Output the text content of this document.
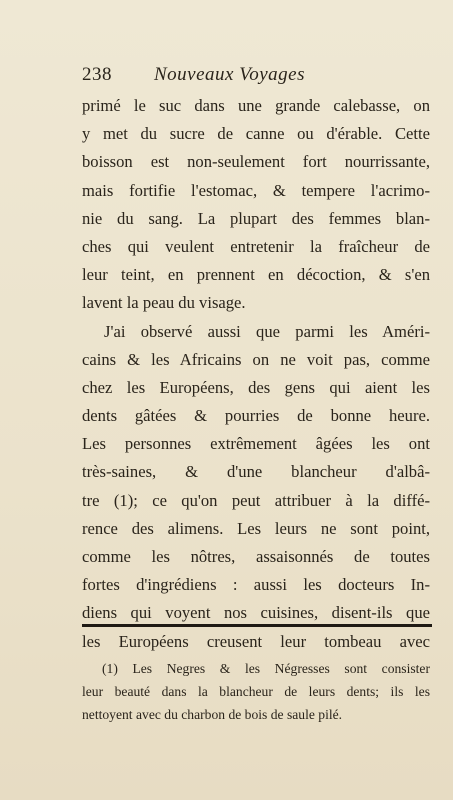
238 Nouveaux Voyages
primé le suc dans une grande calebasse, on
y met du sucre de canne ou d'érable. Cette
boisson est non-seulement fort nourrissante,
mais fortifie l'estomac, & tempere l'acrimo-
nie du sang. La plupart des femmes blan-
ches qui veulent entretenir la fraîcheur de
leur teint, en prennent en décoction, & s'en
lavent la peau du visage.
J'ai observé aussi que parmi les Améri-
cains & les Africains on ne voit pas, comme
chez les Européens, des gens qui aient les
dents gâtées & pourries de bonne heure.
Les personnes extrêmement âgées les ont
très-saines, & d'une blancheur d'albâ-
tre (1); ce qu'on peut attribuer à la diffé-
rence des alimens. Les leurs ne sont point,
comme les nôtres, assaisonnés de toutes
fortes d'ingrédiens : aussi les docteurs In-
diens qui voyent nos cuisines, disent-ils que
les Européens creusent leur tombeau avec
(1) Les Negres & les Négresses sont consister
leur beauté dans la blancheur de leurs dents; ils les
nettoyent avec du charbon de bois de saule pilé.
